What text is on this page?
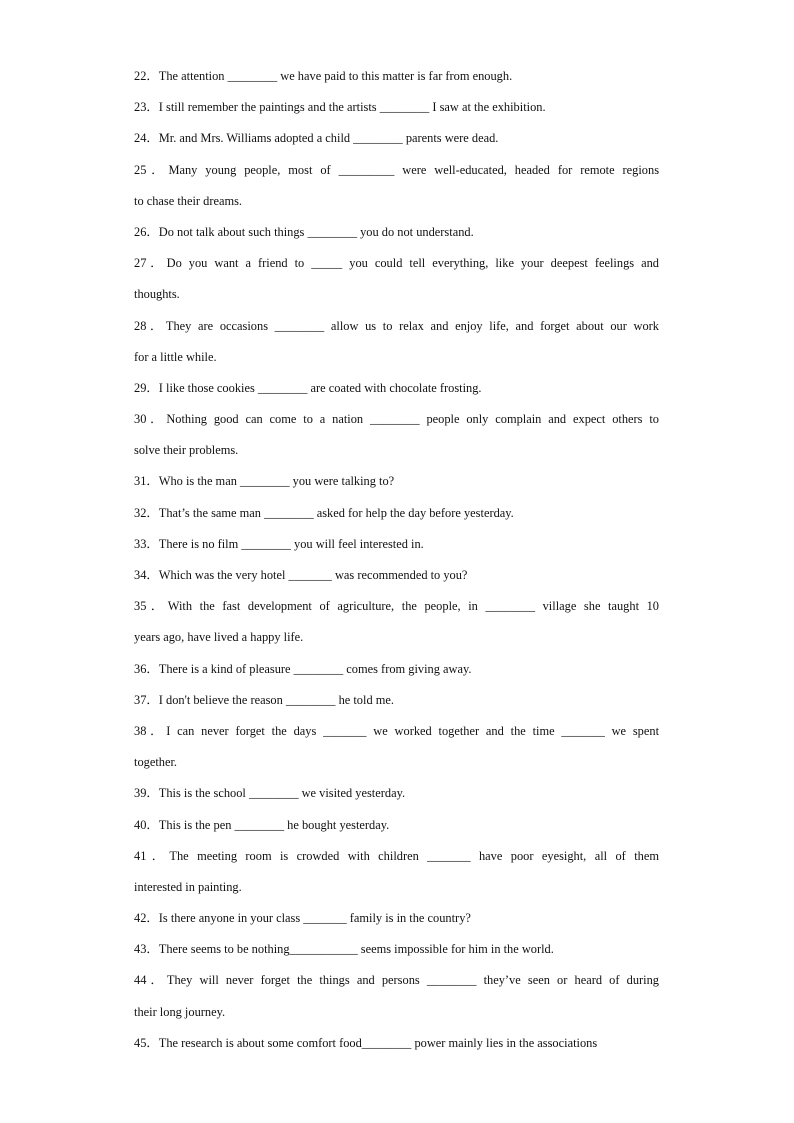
22．The attention ________ we have paid to this matter is far from enough.
23．I still remember the paintings and the artists ________ I saw at the exhibition.
24．Mr. and Mrs. Williams adopted a child ________ parents were dead.
25．Many young people, most of _________ were well-educated, headed for remote regions
to chase their dreams.
26．Do not talk about such things ________ you do not understand.
27．Do you want a friend to _____ you could tell everything, like your deepest feelings and
thoughts.
28．They are occasions ________ allow us to relax and enjoy life, and forget about our work
for a little while.
29．I like those cookies ________ are coated with chocolate frosting.
30．Nothing good can come to a nation ________ people only complain and expect others to
solve their problems.
31．Who is the man ________ you were talking to?
32．That’s the same man ________ asked for help the day before yesterday.
33．There is no film ________ you will feel interested in.
34．Which was the very hotel _______ was recommended to you?
35．With the fast development of agriculture, the people, in ________ village she taught 10
years ago, have lived a happy life.
36．There is a kind of pleasure ________ comes from giving away.
37．I don't believe the reason ________ he told me.
38．I can never forget the days _______ we worked together and the time _______ we spent
together.
39．This is the school ________ we visited yesterday.
40．This is the pen ________ he bought yesterday.
41．The meeting room is crowded with children _______ have poor eyesight, all of them
interested in painting.
42．Is there anyone in your class _______ family is in the country?
43．There seems to be nothing___________ seems impossible for him in the world.
44．They will never forget the things and persons ________ they’ve seen or heard of during
their long journey.
45．The research is about some comfort food________ power mainly lies in the associations
